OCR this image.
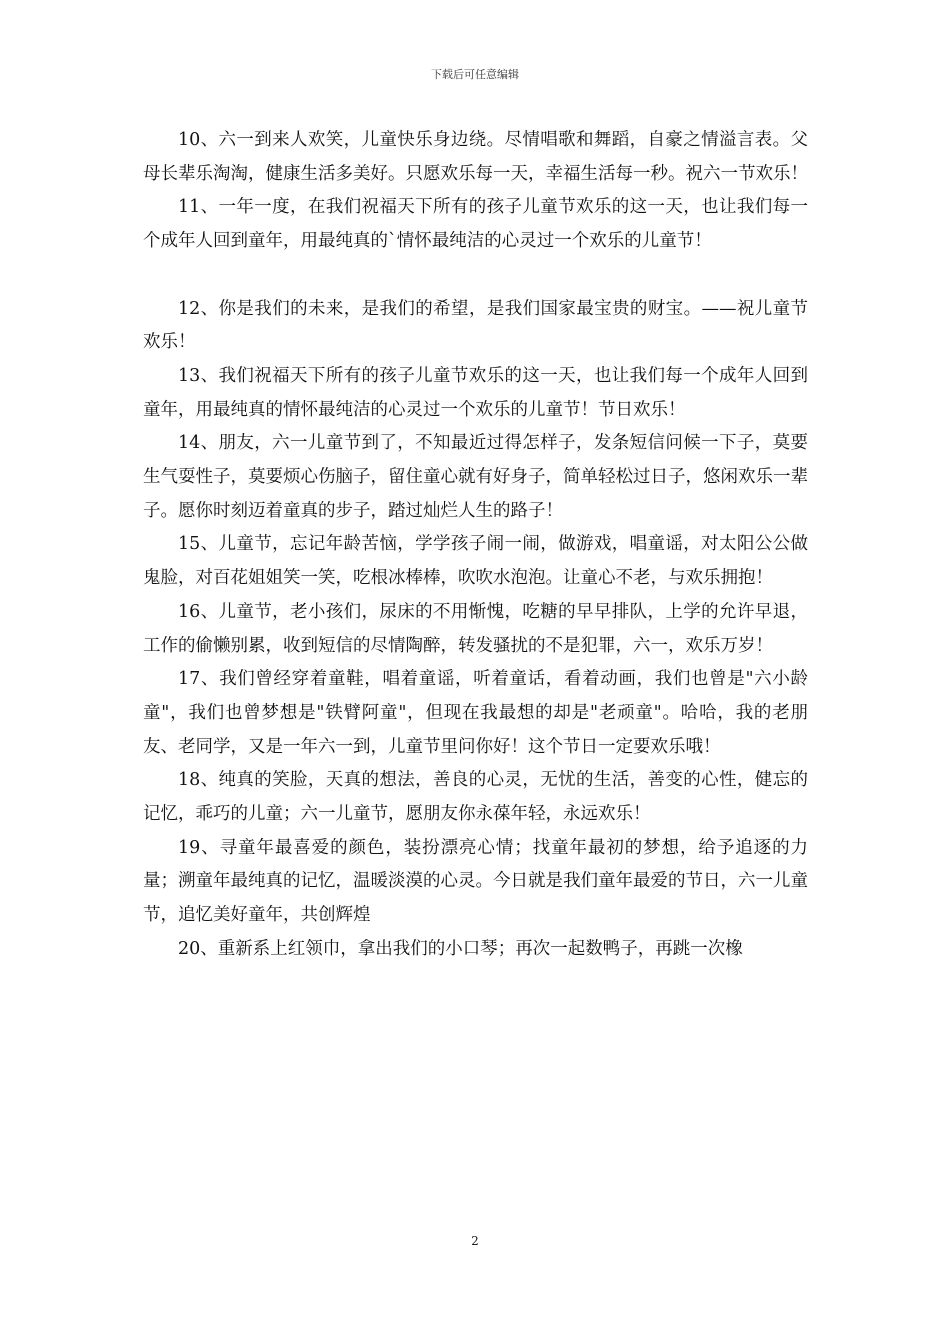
下载后可任意编辑

10、六一到来人欢笑，儿童快乐身边绕。尽情唱歌和舞蹈，自豪之情溢言表。父母长辈乐淘淘，健康生活多美好。只愿欢乐每一天，幸福生活每一秒。祝六一节欢乐！

11、一年一度，在我们祝福天下所有的孩子儿童节欢乐的这一天，也让我们每一个成年人回到童年，用最纯真的`情怀最纯洁的心灵过一个欢乐的儿童节！

12、你是我们的未来，是我们的希望，是我们国家最宝贵的财宝。——祝儿童节欢乐！

13、我们祝福天下所有的孩子儿童节欢乐的这一天，也让我们每一个成年人回到童年，用最纯真的情怀最纯洁的心灵过一个欢乐的儿童节！节日欢乐！

14、朋友，六一儿童节到了，不知最近过得怎样子，发条短信问候一下子，莫要生气耍性子，莫要烦心伤脑子，留住童心就有好身子，简单轻松过日子，悠闲欢乐一辈子。愿你时刻迈着童真的步子，踏过灿烂人生的路子！

15、儿童节，忘记年龄苦恼，学学孩子闹一闹，做游戏，唱童谣，对太阳公公做鬼脸，对百花姐姐笑一笑，吃根冰棒棒，吹吹水泡泡。让童心不老，与欢乐拥抱！

16、儿童节，老小孩们，尿床的不用惭愧，吃糖的早早排队，上学的允许早退，工作的偷懒别累，收到短信的尽情陶醉，转发骚扰的不是犯罪，六一，欢乐万岁！

17、我们曾经穿着童鞋，唱着童谣，听着童话，看着动画，我们也曾是"六小龄童"，我们也曾梦想是"铁臂阿童"，但现在我最想的却是"老顽童"。哈哈，我的老朋友、老同学，又是一年六一到，儿童节里问你好！这个节日一定要欢乐哦！

18、纯真的笑脸，天真的想法，善良的心灵，无忧的生活，善变的心性，健忘的记忆，乖巧的儿童；六一儿童节，愿朋友你永葆年轻，永远欢乐！

19、寻童年最喜爱的颜色，装扮漂亮心情；找童年最初的梦想，给予追逐的力量；溯童年最纯真的记忆，温暖淡漠的心灵。今日就是我们童年最爱的节日，六一儿童节，追忆美好童年，共创辉煌

20、重新系上红领巾，拿出我们的小口琴；再次一起数鸭子，再跳一次橡

2
